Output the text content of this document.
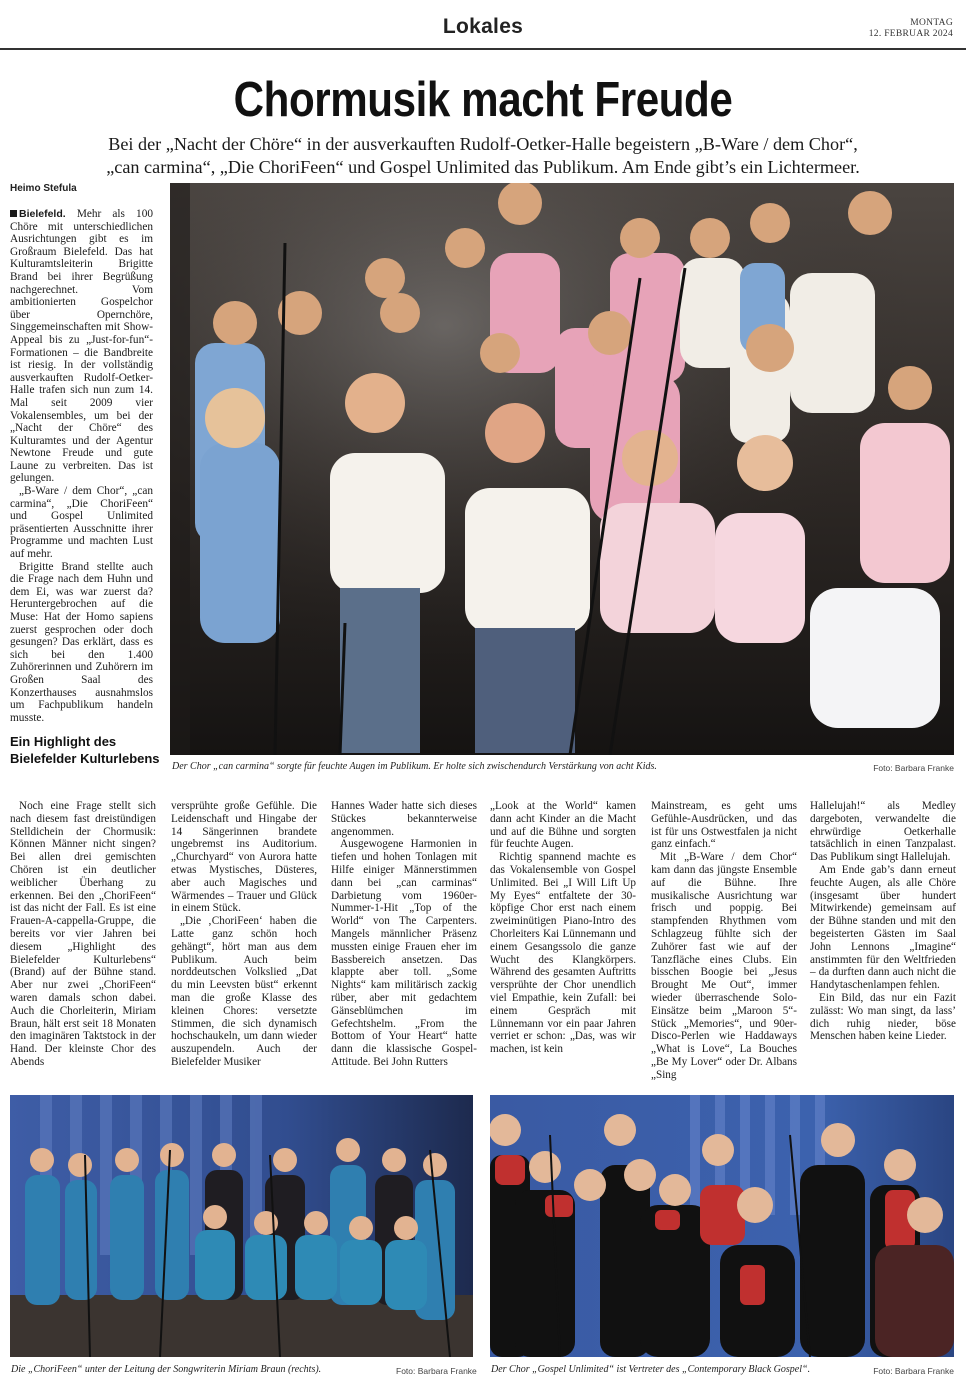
Lokales	MONTAG
12. FEBRUAR 2024
Chormusik macht Freude
Bei der „Nacht der Chöre“ in der ausverkauften Rudolf-Oetker-Halle begeistern „B-Ware / dem Chor“,
„can carmina“, „Die ChoriFeen“ und Gospel Unlimited das Publikum. Am Ende gibt’s ein Lichtermeer.
Heimo Stefula

Bielefeld. Mehr als 100 Chöre mit unterschiedlichen Ausrichtungen gibt es im Großraum Bielefeld. Das hat Kulturamtsleiterin Brigitte Brand bei ihrer Begrüßung nachgerechnet. Vom ambitionierten Gospelchor über Opernchöre, Singgemeinschaften mit Show-Appeal bis zu „Just-for-fun“-Formationen – die Bandbreite ist riesig. In der vollständig ausverkauften Rudolf-Oetker-Halle trafen sich nun zum 14. Mal seit 2009 vier Vokalensembles, um bei der „Nacht der Chöre“ des Kulturamtes und der Agentur Newtone Freude und gute Laune zu verbreiten. Das ist gelungen.

„B-Ware / dem Chor“, „can carmina“, „Die ChoriFeen“ und Gospel Unlimited präsentierten Ausschnitte ihrer Programme und machten Lust auf mehr.

Brigitte Brand stellte auch die Frage nach dem Huhn und dem Ei, was war zuerst da? Heruntergebrochen auf die Muse: Hat der Homo sapiens zuerst gesprochen oder doch gesungen? Das erklärt, dass es sich bei den 1.400 Zuhörerinnen und Zuhörern im Großen Saal des Konzerthauses ausnahmslos um Fachpublikum handeln musste.

Ein Highlight des Bielefelder Kulturlebens
Der Chor „can carmina“ sorgte für feuchte Augen im Publikum. Er holte sich zwischendurch Verstärkung von acht Kids.	Foto: Barbara Franke

Noch eine Frage stellt sich nach diesem fast dreistündigen Stelldichein der Chormusik: Können Männer nicht singen? Bei allen drei gemischten Chören ist ein deutlicher weiblicher Überhang zu erkennen. Bei den „ChoriFeen“ ist das nicht der Fall. Es ist eine Frauen-A-cappella-Gruppe, die bereits vor vier Jahren bei diesem „Highlight des Bielefelder Kulturlebens“ (Brand) auf der Bühne stand. Aber nur zwei „ChoriFeen“ waren damals schon dabei. Auch die Chorleiterin, Miriam Braun, hält erst seit 18 Monaten den imaginären Taktstock in der Hand. Der kleinste Chor des Abends

versprühte große Gefühle. Die Leidenschaft und Hingabe der 14 Sängerinnen brandete ungebremst ins Auditorium. „Churchyard“ von Aurora hatte etwas Mystisches, Düsteres, aber auch Magisches und Wärmendes – Trauer und Glück in einem Stück.

„Die ‚ChoriFeen‘ haben die Latte ganz schön hoch gehängt“, hört man aus dem Publikum. Auch beim norddeutschen Volkslied „Dat du min Leevsten büst“ erkennt man die große Klasse des kleinen Chores: versetzte Stimmen, die sich dynamisch hochschaukeln, um dann wieder auszupendeln. Auch der Bielefelder Musiker

Hannes Wader hatte sich dieses Stückes bekannterweise angenommen.

Ausgewogene Harmonien in tiefen und hohen Tonlagen mit Hilfe einiger Männerstimmen dann bei „can carminas“ Darbietung vom 1960er-Nummer-1-Hit „Top of the World“ von The Carpenters. Mangels männlicher Präsenz mussten einige Frauen eher im Bassbereich ansetzen. Das klappte aber toll. „Some Nights“ kam militärisch zackig rüber, aber mit gedachtem Gänseblümchen im Gefechtshelm. „From the Bottom of Your Heart“ hatte dann die klassische Gospel-Attitude. Bei John Rutters

„Look at the World“ kamen dann acht Kinder an die Macht und auf die Bühne und sorgten für feuchte Augen.

Richtig spannend machte es das Vokalensemble von Gospel Unlimited. Bei „I Will Lift Up My Eyes“ entfaltete der 30-köpfige Chor erst nach einem zweiminütigen Piano-Intro des Chorleiters Kai Lünnemann und einem Gesangssolo die ganze Wucht des Klangkörpers. Während des gesamten Auftritts versprühte der Chor unendlich viel Empathie, kein Zufall: bei einem Gespräch mit Lünnemann vor ein paar Jahren verriet er schon: „Das, was wir machen, ist kein

Mainstream, es geht ums Gefühle-Ausdrücken, und das ist für uns Ostwestfalen ja nicht ganz einfach.“

Mit „B-Ware / dem Chor“ kam dann das jüngste Ensemble auf die Bühne. Ihre musikalische Ausrichtung war frisch und poppig. Bei stampfenden Rhythmen vom Schlagzeug fühlte sich der Zuhörer fast wie auf der Tanzfläche eines Clubs. Ein bisschen Boogie bei „Jesus Brought Me Out“, immer wieder überraschende Solo-Einsätze beim „Maroon 5“-Stück „Memories“, und 90er-Disco-Perlen wie Haddaways „What is Love“, La Bouches „Be My Lover“ oder Dr. Albans „Sing

Hallelujah!“ als Medley dargeboten, verwandelte die ehrwürdige Oetkerhalle tatsächlich in einen Tanzpalast. Das Publikum singt Hallelujah.

Am Ende gab’s dann erneut feuchte Augen, als alle Chöre (insgesamt über hundert Mitwirkende) gemeinsam auf der Bühne standen und mit den begeisterten Gästen im Saal John Lennons „Imagine“ anstimmten für den Weltfrieden – da durften dann auch nicht die Handytaschenlampen fehlen.

Ein Bild, das nur ein Fazit zulässt: Wo man singt, da lass’ dich ruhig nieder, böse Menschen haben keine Lieder.

Die „ChoriFeen“ unter der Leitung der Songwriterin Miriam Braun (rechts).	Foto: Barbara Franke Der Chor „Gospel Unlimited“ ist Vertreter des „Contemporary Black Gospel“.	Foto: Barbara Franke
